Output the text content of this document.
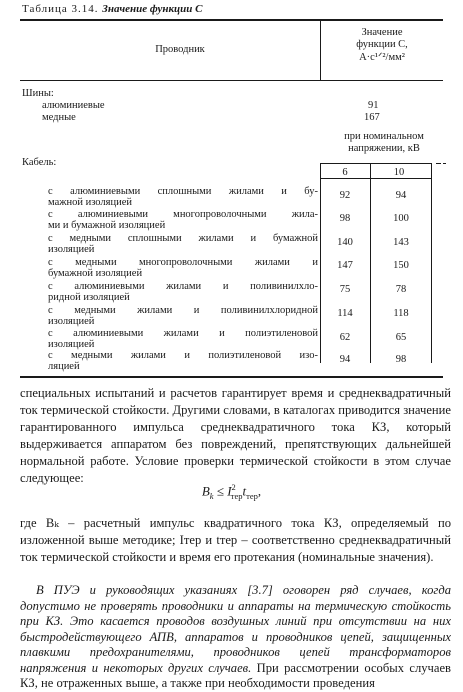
Таблица 3.14. Значение функции C
Проводник
Значение
функции C,
А·с¹ᐟ²/мм²
Шины:
алюминиевые	91
медные	167
при номинальном
напряжении, кВ
Кабель:
6	10
с алюминиевыми сплошными жилами и бу-
мажной изоляцией
92	94
с алюминиевыми многопроволочными жила-
ми и бумажной изоляцией
98	100
с медными сплошными жилами и бумажной
изоляцией
140	143
с медными многопроволочными жилами и
бумажной изоляцией
147	150
с алюминиевыми жилами и поливинилхло-
ридной изоляцией
75	78
с медными жилами и поливинилхлоридной
изоляцией
114	118
с алюминиевыми жилами и полиэтиленовой
изоляцией
62	65
с медными жилами и полиэтиленовой изо-
ляцией
94	98
специальных испытаний и расчетов гарантирует время и среднеквадратичный ток термической стойкости. Другими словами, в каталогах приводится значение гарантированного импульса среднеквадратичного тока КЗ, который выдерживается аппаратом без повреждений, препятствующих дальнейшей нормальной работе. Условие проверки термической стойкости в этом случае следующее:
$B_k \le I^2_{тер}t_{тер}$,
где Bₖ – расчетный импульс квадратичного тока КЗ, определяемый по изложенной выше методике; Iтер и tтер – соответственно среднеквадратичный ток термической стойкости и время его протекания (номинальные значения).
В ПУЭ и руководящих указаниях [3.7] оговорен ряд случаев, когда допустимо не проверять проводники и аппараты на термическую стойкость при КЗ. Это касается проводов воздушных линий при отсутствии на них быстродействующего АПВ, аппаратов и проводников цепей, защищенных плавкими предохранителями, проводников цепей трансформаторов напряжения и некоторых других случаев. При рассмотрении особых случаев КЗ, не отраженных выше, а также при необходимости проведения
